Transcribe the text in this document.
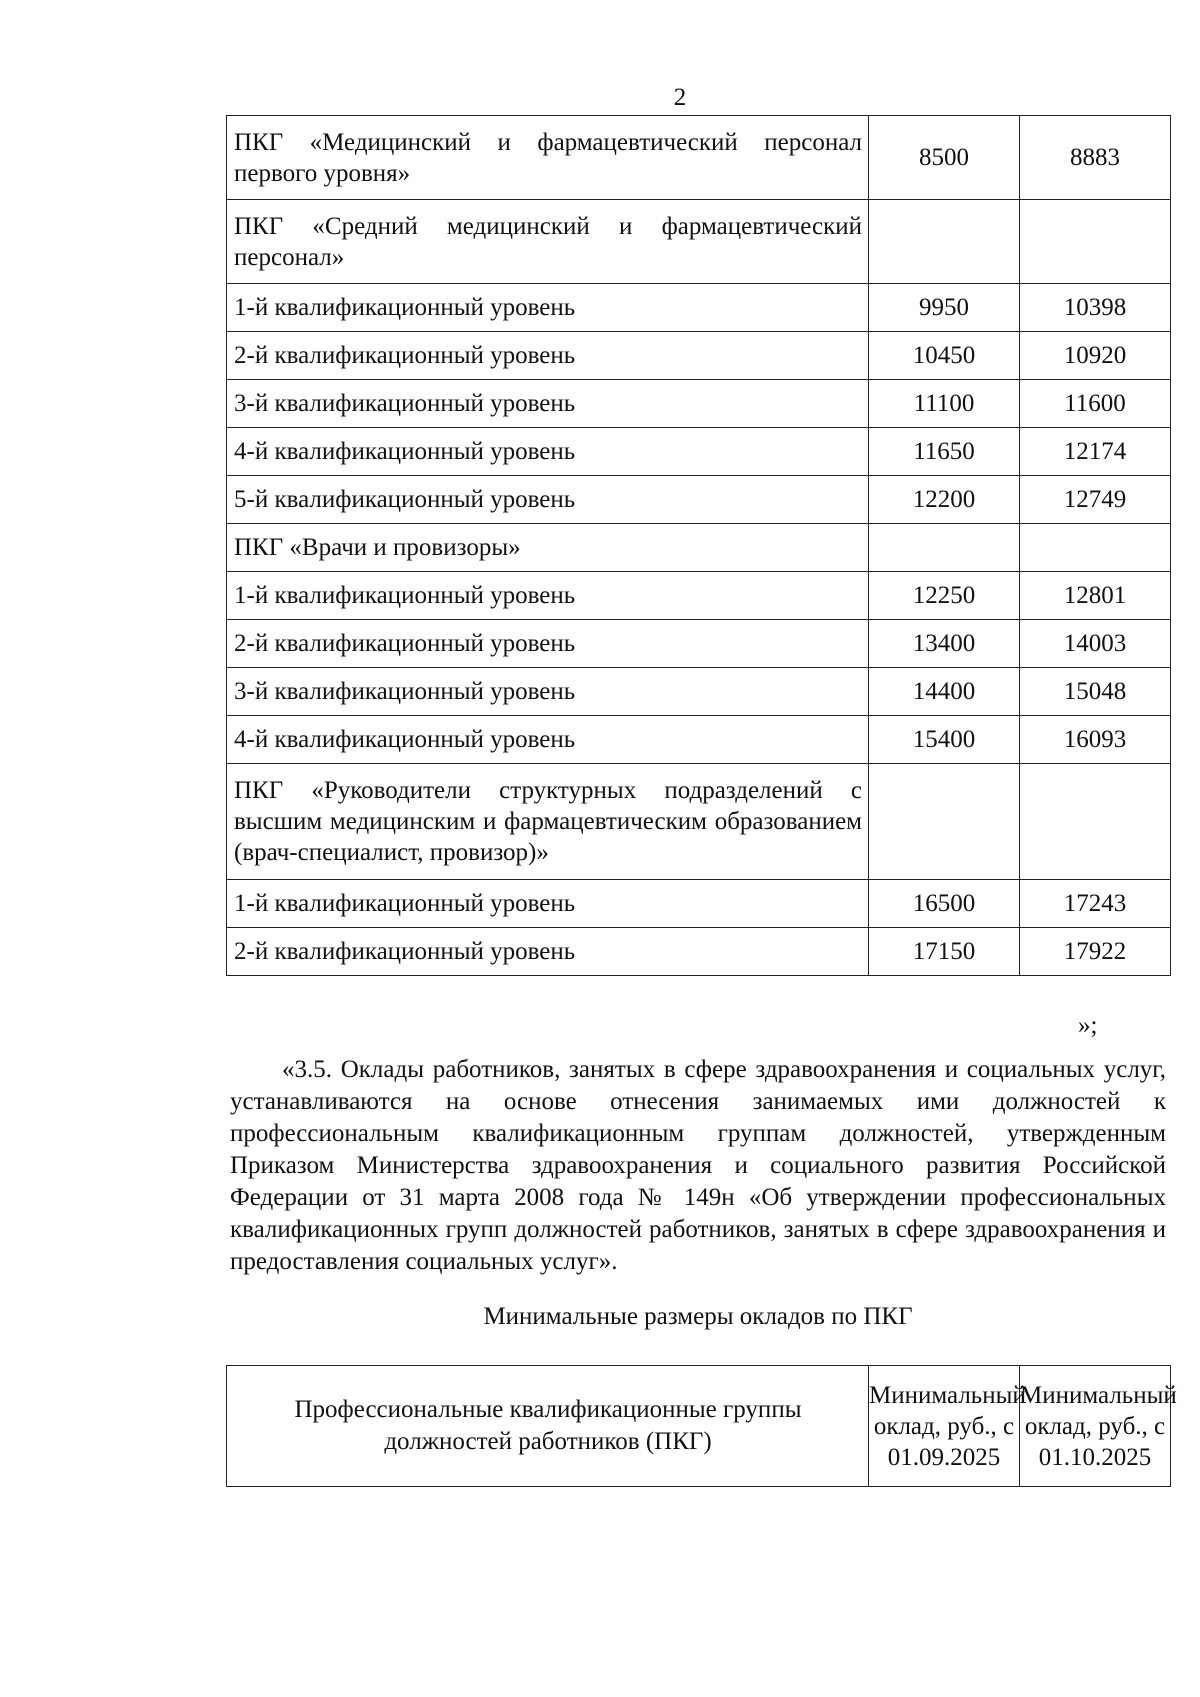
2
ПКГ «Медицинский и фармацевтический персонал первого уровня»	8500	8883
ПКГ «Средний медицинский и фармацевтический персонал»		
1-й квалификационный уровень	9950	10398
2-й квалификационный уровень	10450	10920
3-й квалификационный уровень	11100	11600
4-й квалификационный уровень	11650	12174
5-й квалификационный уровень	12200	12749
ПКГ «Врачи и провизоры»		
1-й квалификационный уровень	12250	12801
2-й квалификационный уровень	13400	14003
3-й квалификационный уровень	14400	15048
4-й квалификационный уровень	15400	16093
ПКГ «Руководители структурных подразделений с высшим медицинским и фармацевтическим образованием (врач-специалист, провизор)»		
1-й квалификационный уровень	16500	17243
2-й квалификационный уровень	17150	17922
»;

«3.5. Оклады работников, занятых в сфере здравоохранения и социальных услуг, устанавливаются на основе отнесения занимаемых ими должностей к профессиональным квалификационным группам должностей, утвержденным Приказом Министерства здравоохранения и социального развития Российской Федерации от 31 марта 2008 года № 149н «Об утверждении профессиональных квалификационных групп должностей работников, занятых в сфере здравоохранения и предоставления социальных услуг».

Минимальные размеры окладов по ПКГ
Профессиональные квалификационные группы должностей работников (ПКГ)	Минимальный оклад, руб., с 01.09.2025	Минимальный оклад, руб., с 01.10.2025
